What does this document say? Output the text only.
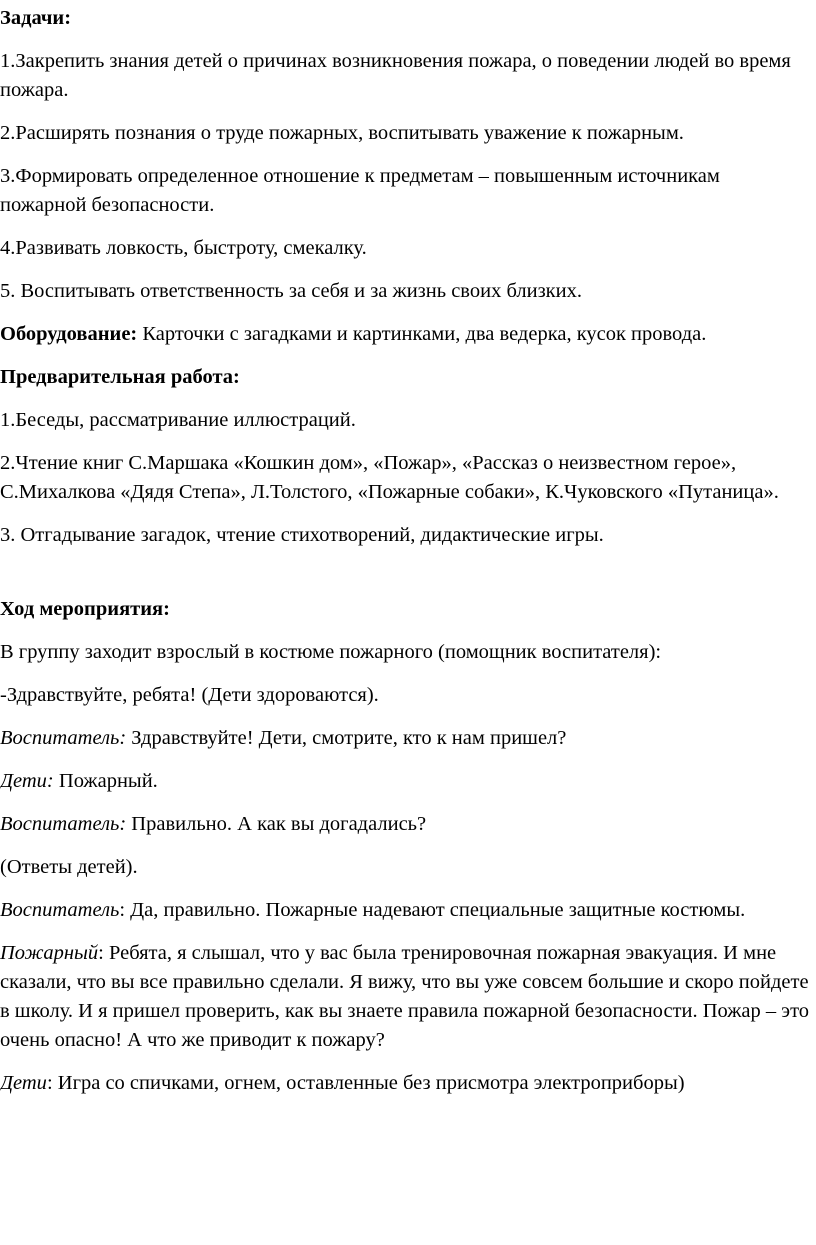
Задачи:

1.Закрепить знания детей о причинах возникновения пожара, о поведении людей во время пожара.

2.Расширять познания о труде пожарных, воспитывать уважение к пожарным.

3.Формировать определенное отношение к предметам – повышенным источникам пожарной безопасности.

4.Развивать ловкость, быстроту, смекалку.

5. Воспитывать ответственность за себя и за жизнь своих близких.

Оборудование: Карточки с загадками и картинками, два ведерка, кусок провода.

Предварительная работа:

1.Беседы, рассматривание иллюстраций.

2.Чтение книг С.Маршака «Кошкин дом», «Пожар», «Рассказ о неизвестном герое», С.Михалкова «Дядя Степа», Л.Толстого, «Пожарные собаки», К.Чуковского «Путаница».

3. Отгадывание загадок, чтение стихотворений, дидактические игры.

Ход мероприятия:

В группу заходит взрослый в костюме пожарного (помощник воспитателя):

-Здравствуйте, ребята! (Дети здороваются).

Воспитатель: Здравствуйте! Дети, смотрите, кто к нам пришел?

Дети: Пожарный.

Воспитатель: Правильно. А как вы догадались?

(Ответы детей).

Воспитатель: Да, правильно. Пожарные надевают специальные защитные костюмы.

Пожарный: Ребята, я слышал, что у вас была тренировочная пожарная эвакуация. И мне сказали, что вы все правильно сделали. Я вижу, что вы уже совсем большие и скоро пойдете в школу. И я пришел проверить, как вы знаете правила пожарной безопасности. Пожар – это очень опасно! А что же приводит к пожару?

Дети: Игра со спичками, огнем, оставленные без присмотра электроприборы)
